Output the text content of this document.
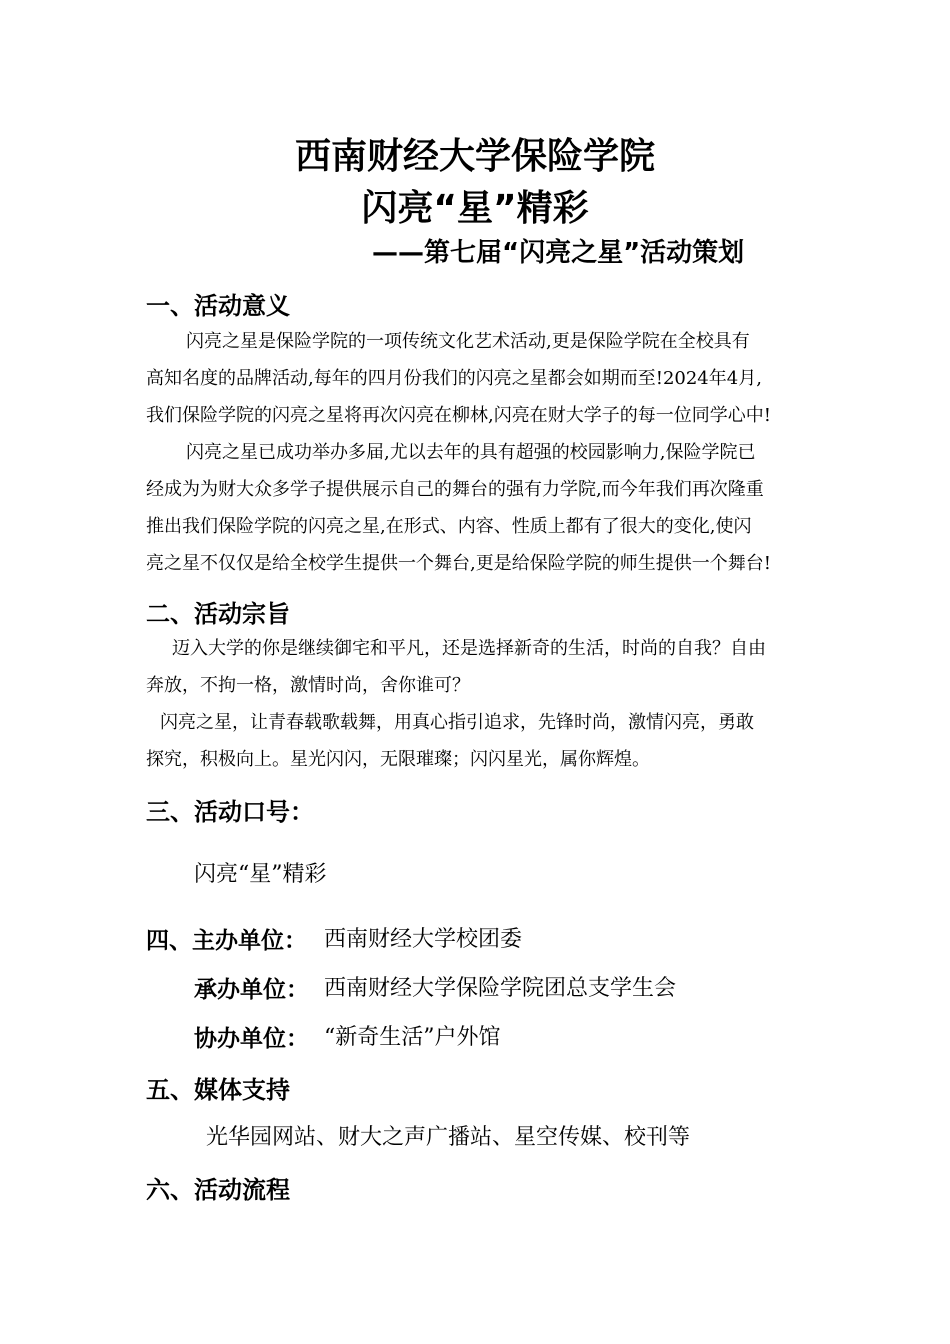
西南财经大学保险学院
闪亮“星”精彩
——第七届“闪亮之星”活动策划
一、活动意义
闪亮之星是保险学院的一项传统文化艺术活动,更是保险学院在全校具有
高知名度的品牌活动,每年的四月份我们的闪亮之星都会如期而至!2024年4月,
我们保险学院的闪亮之星将再次闪亮在柳林,闪亮在财大学子的每一位同学心中!
闪亮之星已成功举办多届,尤以去年的具有超强的校园影响力,保险学院已
经成为为财大众多学子提供展示自己的舞台的强有力学院,而今年我们再次隆重
推出我们保险学院的闪亮之星,在形式、内容、性质上都有了很大的变化,使闪
亮之星不仅仅是给全校学生提供一个舞台,更是给保险学院的师生提供一个舞台!
二、活动宗旨
迈入大学的你是继续御宅和平凡，还是选择新奇的生活，时尚的自我？自由
奔放，不拘一格，激情时尚，舍你谁可？
闪亮之星，让青春载歌载舞，用真心指引追求，先锋时尚，激情闪亮，勇敢
探究，积极向上。星光闪闪，无限璀璨；闪闪星光，属你辉煌。
三、活动口号：
闪亮“星”精彩
四、主办单位： 西南财经大学校团委
承办单位： 西南财经大学保险学院团总支学生会
协办单位： “新奇生活”户外馆
五、媒体支持
光华园网站、财大之声广播站、星空传媒、校刊等
六、活动流程
